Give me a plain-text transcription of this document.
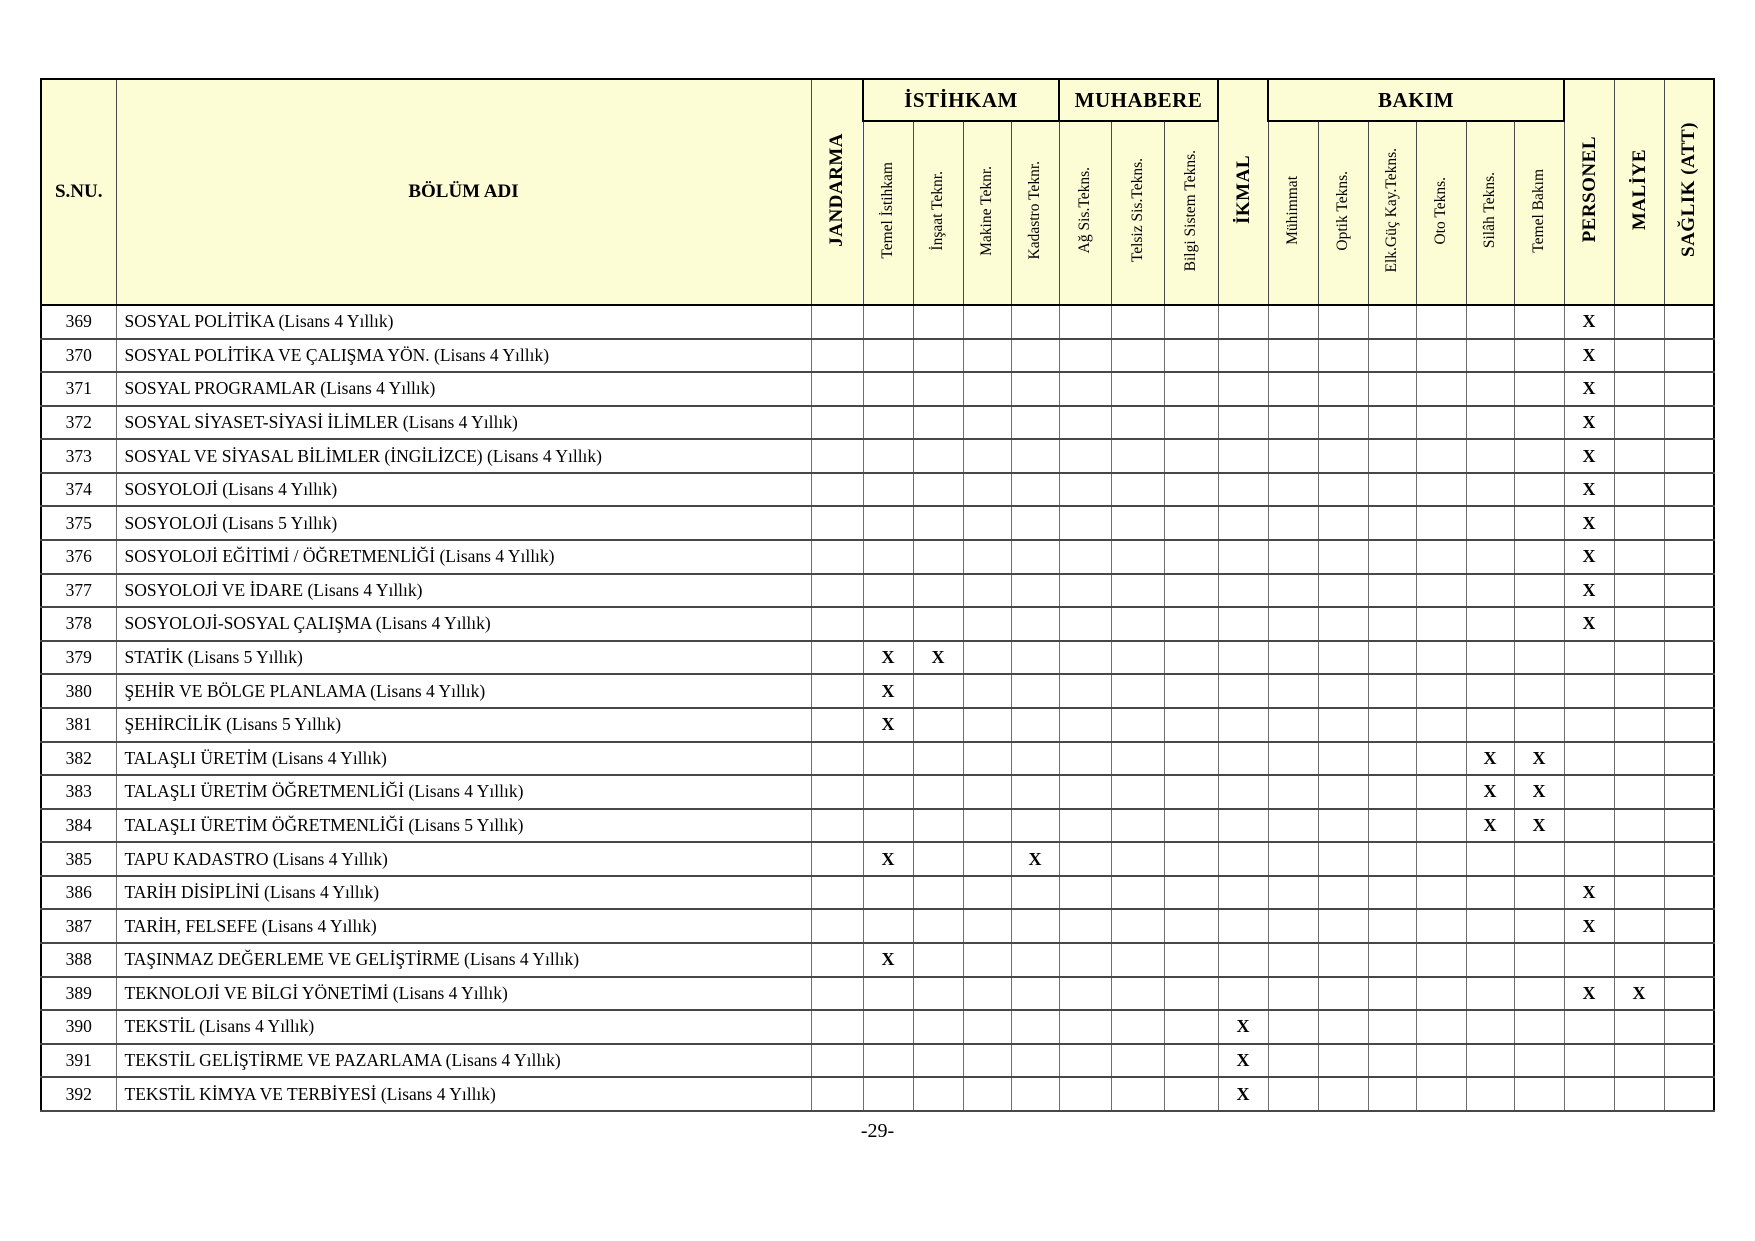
S.NU.	BÖLÜM ADI	JANDARMA	İSTİHKAM				MUHABERE			İKMAL	BAKIM						PERSONEL	MALİYE	SAĞLIK (ATT)
			Temel İstihkam	İnşaat Teknr.	Makine Teknr.	Kadastro Teknr.	Ağ Sis.Tekns.	Telsiz Sis.Tekns.	Bilgi Sistem Tekns.		Mühimmat	Optik Tekns.	Elk.Güç Kay.Tekns.	Oto Tekns.	Silâh Tekns.	Temel Bakım			
369	SOSYAL POLİTİKA (Lisans 4 Yıllık)																X		
370	SOSYAL POLİTİKA VE ÇALIŞMA YÖN. (Lisans 4 Yıllık)																X		
371	SOSYAL PROGRAMLAR (Lisans 4 Yıllık)																X		
372	SOSYAL SİYASET-SİYASİ İLİMLER (Lisans 4 Yıllık)																X		
373	SOSYAL VE SİYASAL BİLİMLER (İNGİLİZCE) (Lisans 4 Yıllık)																X		
374	SOSYOLOJİ (Lisans 4 Yıllık)																X		
375	SOSYOLOJİ (Lisans 5 Yıllık)																X		
376	SOSYOLOJİ EĞİTİMİ / ÖĞRETMENLİĞİ (Lisans 4 Yıllık)																X		
377	SOSYOLOJİ VE İDARE (Lisans 4 Yıllık)																X		
378	SOSYOLOJİ-SOSYAL ÇALIŞMA (Lisans 4 Yıllık)																X		
379	STATİK (Lisans 5 Yıllık)		X	X															
380	ŞEHİR VE BÖLGE PLANLAMA (Lisans 4 Yıllık)		X																
381	ŞEHİRCİLİK (Lisans 5 Yıllık)		X																
382	TALAŞLI ÜRETİM (Lisans 4 Yıllık)														X	X			
383	TALAŞLI ÜRETİM ÖĞRETMENLİĞİ (Lisans 4 Yıllık)														X	X			
384	TALAŞLI ÜRETİM ÖĞRETMENLİĞİ (Lisans 5 Yıllık)														X	X			
385	TAPU KADASTRO (Lisans 4 Yıllık)		X			X													
386	TARİH DİSİPLİNİ (Lisans 4 Yıllık)																X		
387	TARİH, FELSEFE (Lisans 4 Yıllık)																X		
388	TAŞINMAZ DEĞERLEME VE GELİŞTİRME (Lisans 4 Yıllık)		X																
389	TEKNOLOJİ VE BİLGİ YÖNETİMİ (Lisans 4 Yıllık)																X	X	
390	TEKSTİL (Lisans 4 Yıllık)									X									
391	TEKSTİL GELİŞTİRME VE PAZARLAMA (Lisans 4 Yıllık)									X									
392	TEKSTİL KİMYA VE TERBİYESİ (Lisans 4 Yıllık)									X									
-29-
